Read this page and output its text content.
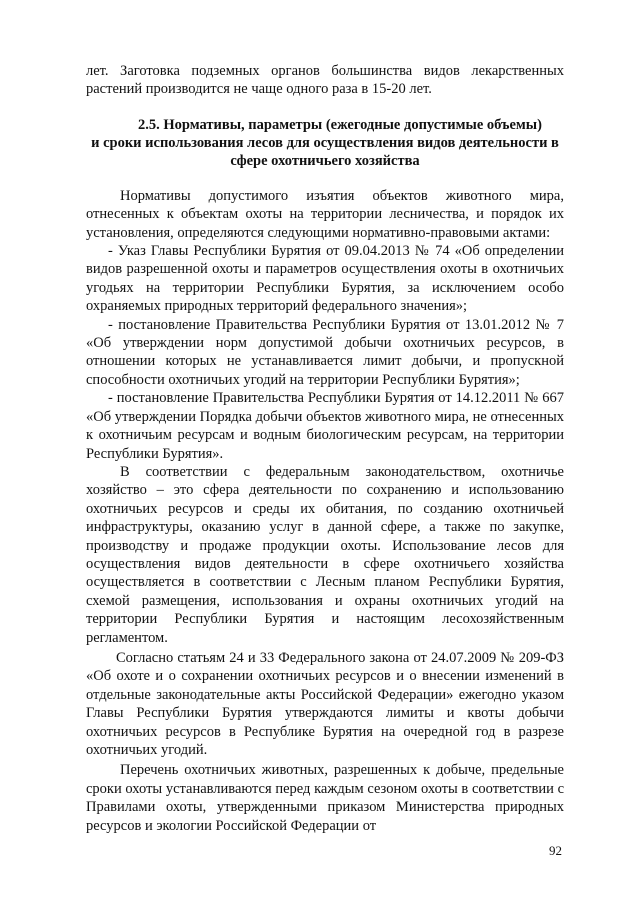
лет. Заготовка подземных органов большинства видов лекарственных растений производится не чаще одного раза в 15-20 лет.

2.5. Нормативы, параметры (ежегодные допустимые объемы)
и сроки использования лесов для осуществления видов деятельности в
сфере охотничьего хозяйства

Нормативы допустимого изъятия объектов животного мира, отнесенных к объектам охоты на территории лесничества, и порядок их установления, определяются следующими нормативно-правовыми актами:

- Указ Главы Республики Бурятия от 09.04.2013 № 74 «Об определении видов разрешенной охоты и параметров осуществления охоты в охотничьих угодьях на территории Республики Бурятия, за исключением особо охраняемых природных территорий федерального значения»;

- постановление Правительства Республики Бурятия от 13.01.2012 № 7 «Об утверждении норм допустимой добычи охотничьих ресурсов, в отношении которых не устанавливается лимит добычи, и пропускной способности охотничьих угодий на территории Республики Бурятия»;

- постановление Правительства Республики Бурятия от 14.12.2011 № 667 «Об утверждении Порядка добычи объектов животного мира, не отнесенных к охотничьим ресурсам и водным биологическим ресурсам, на территории Республики Бурятия».

В соответствии с федеральным законодательством, охотничье хозяйство – это сфера деятельности по сохранению и использованию охотничьих ресурсов и среды их обитания, по созданию охотничьей инфраструктуры, оказанию услуг в данной сфере, а также по закупке, производству и продаже продукции охоты. Использование лесов для осуществления видов деятельности в сфере охотничьего хозяйства осуществляется в соответствии с Лесным планом Республики Бурятия, схемой размещения, использования и охраны охотничьих угодий на территории Республики Бурятия и настоящим лесохозяйственным регламентом.

Согласно статьям 24 и 33 Федерального закона от 24.07.2009 № 209-ФЗ «Об охоте и о сохранении охотничьих ресурсов и о внесении изменений в отдельные законодательные акты Российской Федерации» ежегодно указом Главы Республики Бурятия утверждаются лимиты и квоты добычи охотничьих ресурсов в Республике Бурятия на очередной год в разрезе охотничьих угодий.

Перечень охотничьих животных, разрешенных к добыче, предельные сроки охоты устанавливаются перед каждым сезоном охоты в соответствии с Правилами охоты, утвержденными приказом Министерства природных ресурсов и экологии Российской Федерации от

92
